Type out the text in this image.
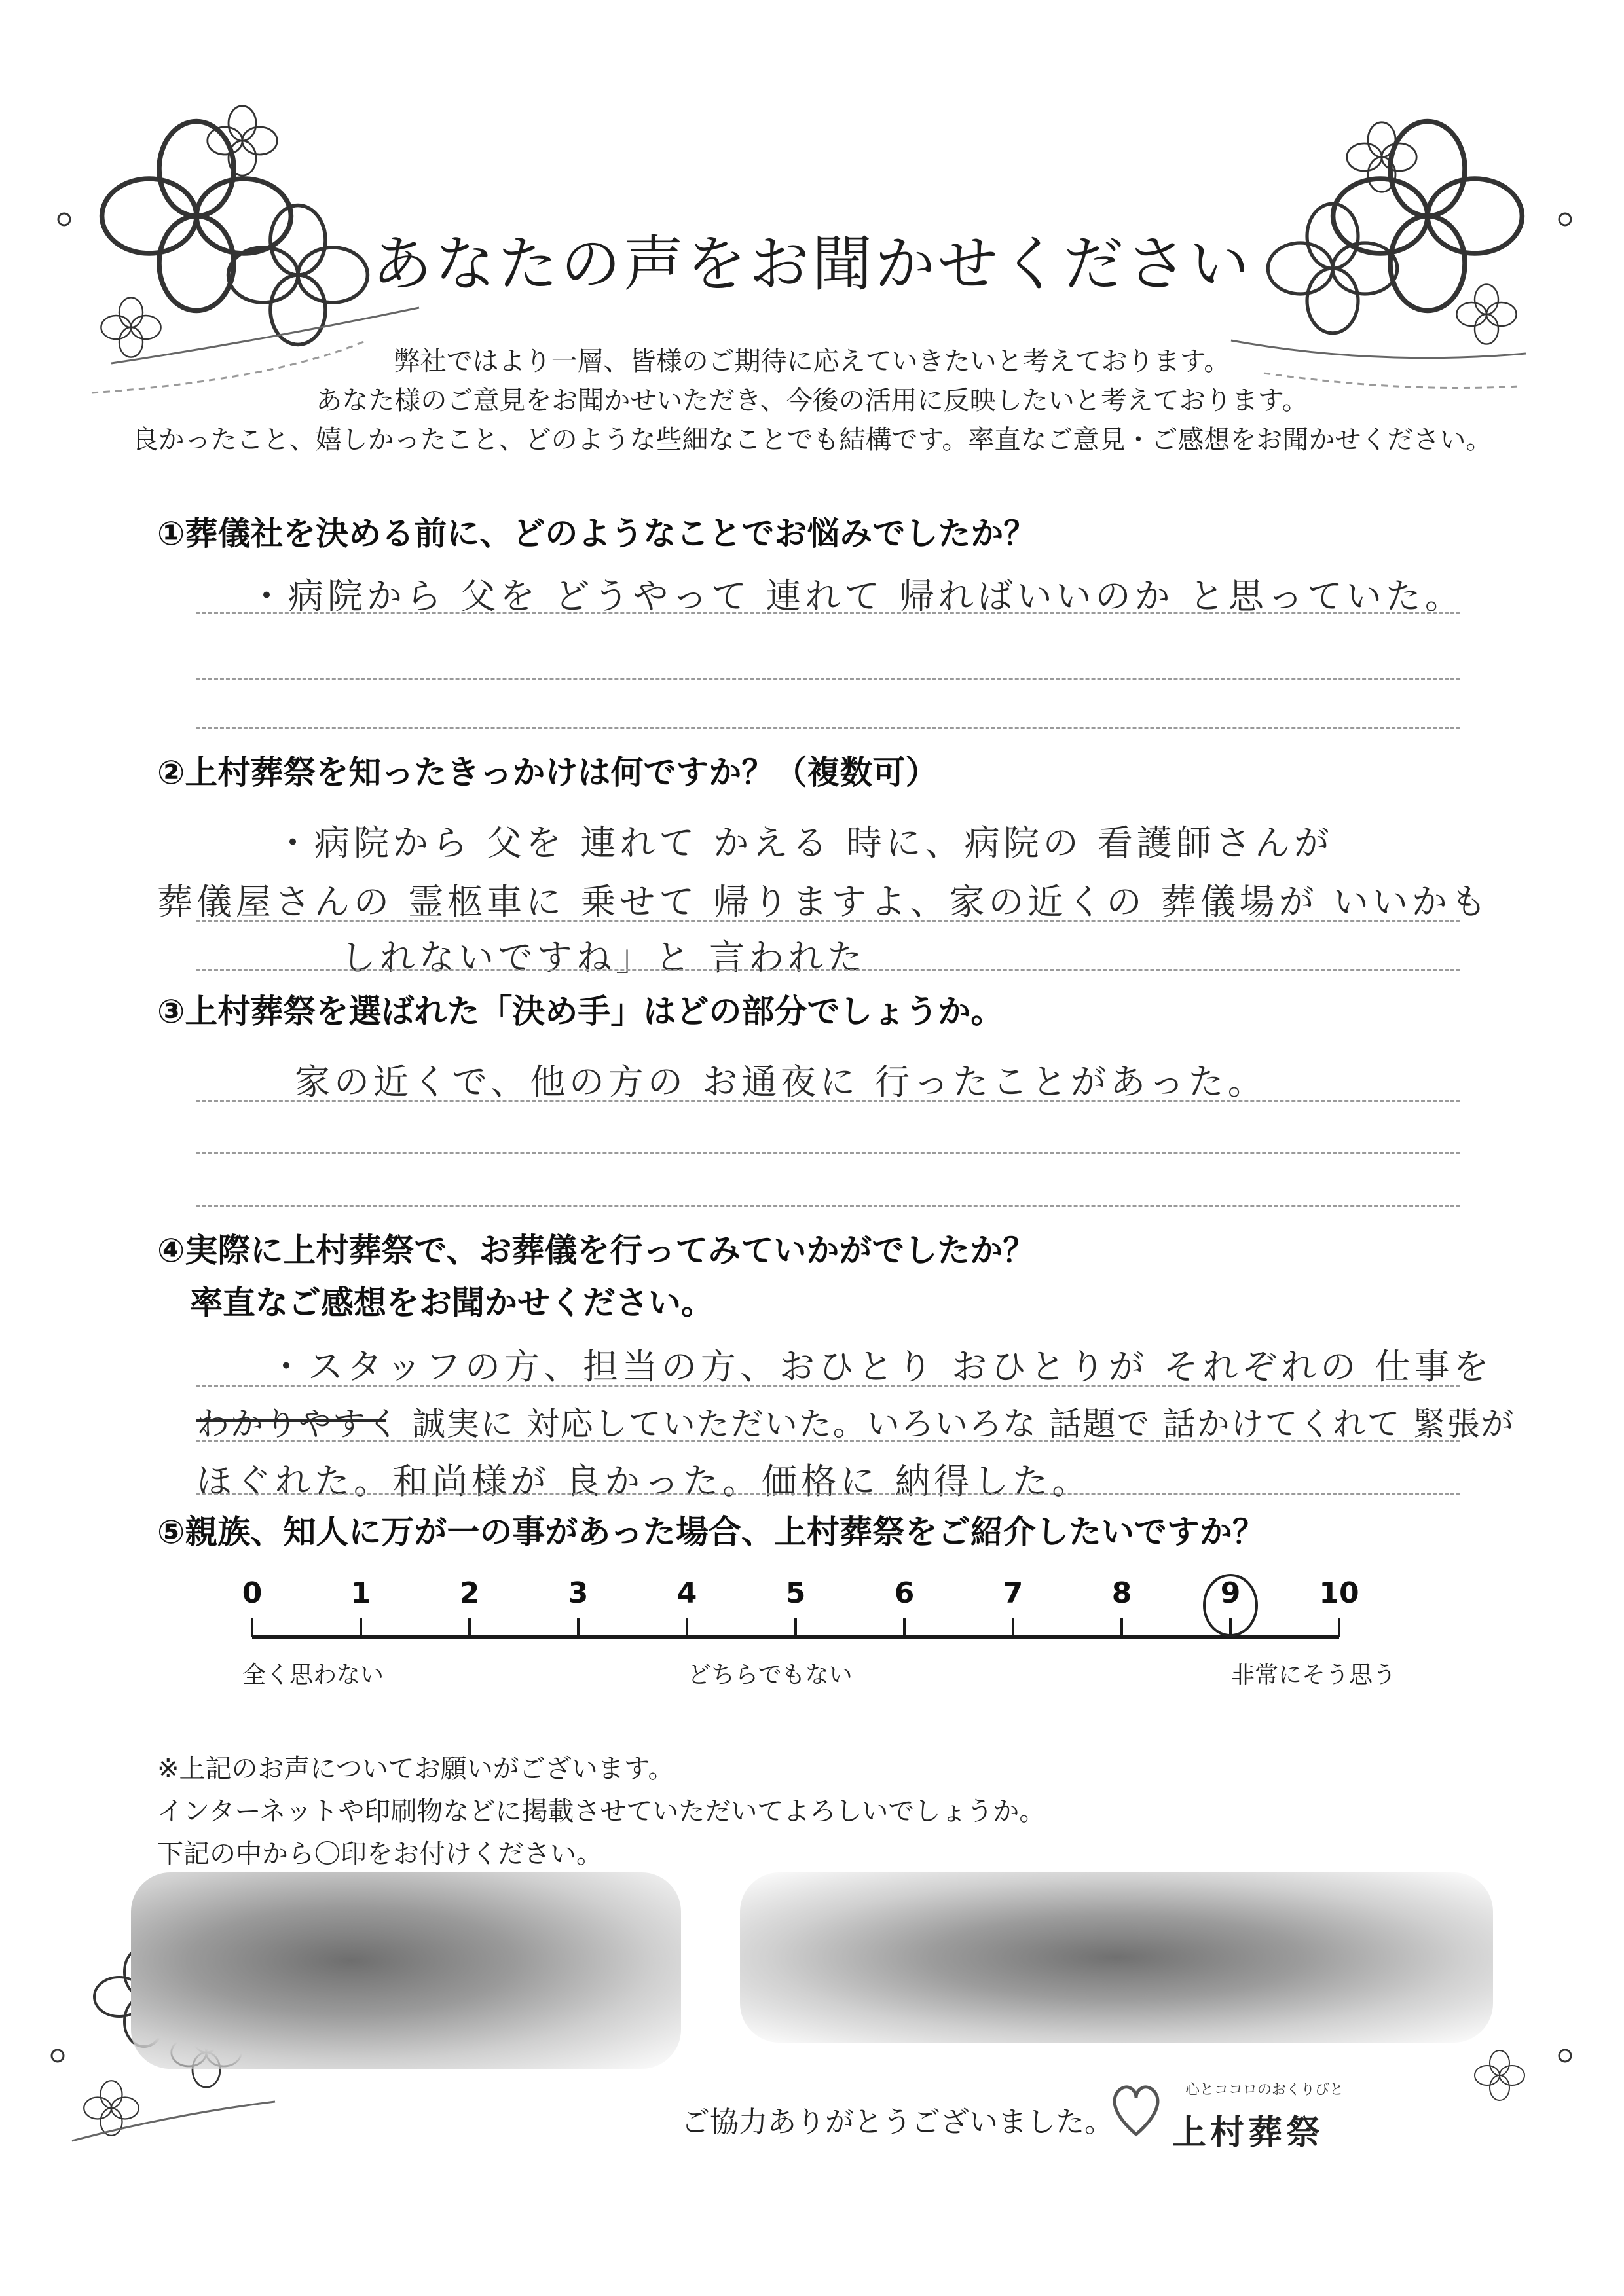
あなたの声をお聞かせください
弊社ではより一層、皆様のご期待に応えていきたいと考えております。
あなた様のご意見をお聞かせいただき、今後の活用に反映したいと考えております。
良かったこと、嬉しかったこと、どのような些細なことでも結構です。率直なご意見・ご感想をお聞かせください。
①葬儀社を決める前に、どのようなことでお悩みでしたか？
・病院から 父を どうやって 連れて 帰ればいいのか と思っていた。
②上村葬祭を知ったきっかけは何ですか？（複数可）
・病院から 父を 連れて かえる 時に、病院の 看護師さんが
葬儀屋さんの 霊柩車に 乗せて 帰りますよ、家の近くの 葬儀場が いいかも
しれないですね」と 言われた
③上村葬祭を選ばれた「決め手」はどの部分でしょうか。
家の近くで、他の方の お通夜に 行ったことがあった。
④実際に上村葬祭で、お葬儀を行ってみていかがでしたか？
率直なご感想をお聞かせください。
・スタッフの方、担当の方、おひとり おひとりが それぞれの 仕事を
わかりやすく 誠実に 対応していただいた。いろいろな 話題で 話かけてくれて 緊張が
ほぐれた。和尚様が 良かった。価格に 納得した。
⑤親族、知人に万が一の事があった場合、上村葬祭をご紹介したいですか？
0	1	2	3	4	5	6	7	8	9	10
全く思わない	どちらでもない	非常にそう思う
※上記のお声についてお願いがございます。
インターネットや印刷物などに掲載させていただいてよろしいでしょうか。
下記の中から〇印をお付けください。
ご協力ありがとうございました。
心とココロのおくりびと
上村葬祭
